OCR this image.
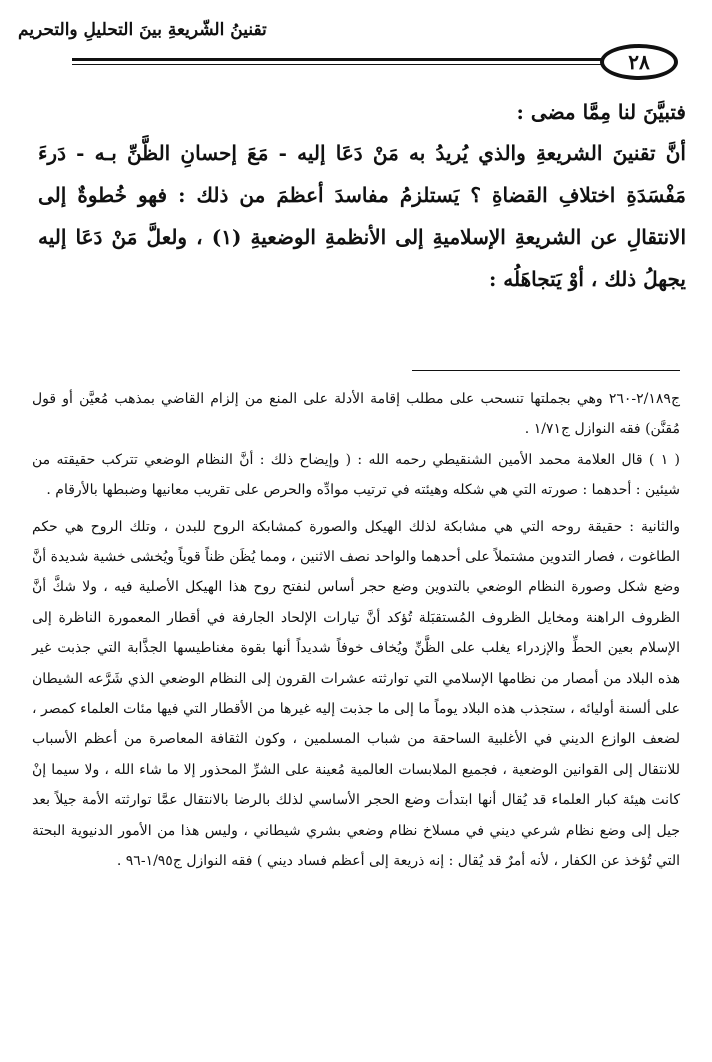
تقنينُ الشّريعةِ بينَ التحليلِ والتحريم
٢٨

فتبيَّنَ لنا مِمَّا مضى :

أنَّ تقنينَ الشريعةِ والذي يُريدُ به مَنْ دَعَا إليه - مَعَ إحسانِ الظَّنِّ بـه - دَرءَ مَفْسَدَةِ اختلافِ القضاةِ ؟ يَستلزمُ مفاسدَ أعظمَ من ذلك : فهو خُطوةٌ إلى الانتقالِ عن الشريعةِ الإسلاميةِ إلى الأنظمةِ الوضعيةِ (١) ، ولعلَّ مَنْ دَعَا إليه يجهلُ ذلك ، أوْ يَتجاهَلُه :

ج٢/١٨٩-٢٦٠ وهي بجملتها تنسحب على مطلب إقامة الأدلة على المنع من إلزام القاضي بمذهب مُعيَّن أو قول مُقنَّن) فقه النوازل ج١/٧١ .

( ١ ) قال العلامة محمد الأمين الشنقيطي رحمه الله : ( وإيضاح ذلك : أنَّ النظام الوضعي تتركب حقيقته من شيئين : أحدهما : صورته التي هي شكله وهيئته في ترتيب موادِّه والحرص على تقريب معانيها وضبطها بالأرقام .

والثانية : حقيقة روحه التي هي مشابكة لذلك الهيكل والصورة كمشابكة الروح للبدن ، وتلك الروح هي حكم الطاغوت ، فصار التدوين مشتملاً على أحدهما والواحد نصف الاثنين ، ومما يُظَن ظناً قوياً ويُخشى خشية شديدة أنَّ وضع شكل وصورة النظام الوضعي بالتدوين وضع حجر أساس لنفتح روح هذا الهيكل الأصلية فيه ، ولا شكَّ أنَّ الظروف الراهنة ومخايل الظروف المُستقبَلة تُؤكد أنَّ تيارات الإلحاد الجارفة في أقطار المعمورة الناظرة إلى الإسلام بعين الحطِّ والإزدراء يغلب على الظَّنِّ ويُخاف خوفاً شديداً أنها بقوة مغناطيسها الجذَّابة التي جذبت غير هذه البلاد من أمصار من نظامها الإسلامي التي توارثته عشرات القرون إلى النظام الوضعي الذي شَرَّعه الشيطان على ألسنة أوليائه ، ستجذب هذه البلاد يوماً ما إلى ما جذبت إليه غيرها من الأقطار التي فيها مئات العلماء كمصر ، لضعف الوازع الديني في الأغلبية الساحقة من شباب المسلمين ، وكون الثقافة المعاصرة من أعظم الأسباب للانتقال إلى القوانين الوضعية ، فجميع الملابسات العالمية مُعينة على الشرِّ المحذور إلا ما شاء الله ، ولا سيما إنْ كانت هيئة كبار العلماء قد يُقال أنها ابتدأت وضع الحجر الأساسي لذلك بالرضا بالانتقال عمَّا توارثته الأمة جيلاً بعد جيل إلى وضع نظام شرعي ديني في مسلاخ نظام وضعي بشري شيطاني ، وليس هذا من الأمور الدنيوية البحتة التي تُؤخذ عن الكفار ، لأنه أمرٌ قد يُقال : إنه ذريعة إلى أعظم فساد ديني ) فقه النوازل ج١/٩٥-٩٦ .
